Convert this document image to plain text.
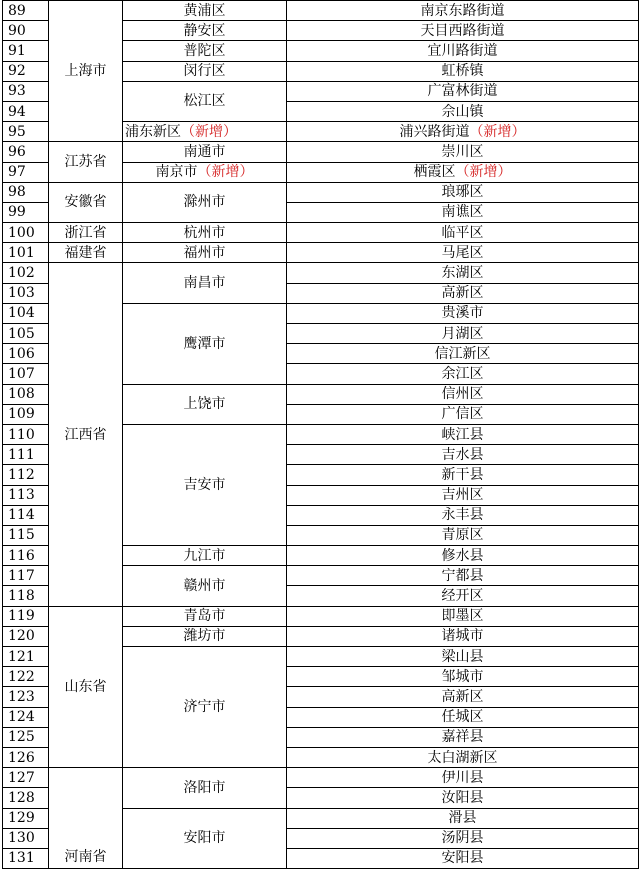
89	上海市	黄浦区	南京东路街道
90		静安区	天目西路街道
91		普陀区	宜川路街道
92		闵行区	虹桥镇
93		松江区	广富林街道
94			佘山镇
95		浦东新区（新增）	浦兴路街道（新增）
96	江苏省	南通市	崇川区
97		南京市（新增）	栖霞区（新增）
98	安徽省	滁州市	琅琊区
99			南谯区
100	浙江省	杭州市	临平区
101	福建省	福州市	马尾区
102	江西省	南昌市	东湖区
103			高新区
104		鹰潭市	贵溪市
105			月湖区
106			信江新区
107			余江区
108		上饶市	信州区
109			广信区
110		吉安市	峡江县
111			吉水县
112			新干县
113			吉州区
114			永丰县
115			青原区
116		九江市	修水县
117		赣州市	宁都县
118			经开区
119	山东省	青岛市	即墨区
120		潍坊市	诸城市
121		济宁市	梁山县
122			邹城市
123			高新区
124			任城区
125			嘉祥县
126			太白湖新区
127	河南省	洛阳市	伊川县
128			汝阳县
129		安阳市	滑县
130			汤阴县
131			安阳县
